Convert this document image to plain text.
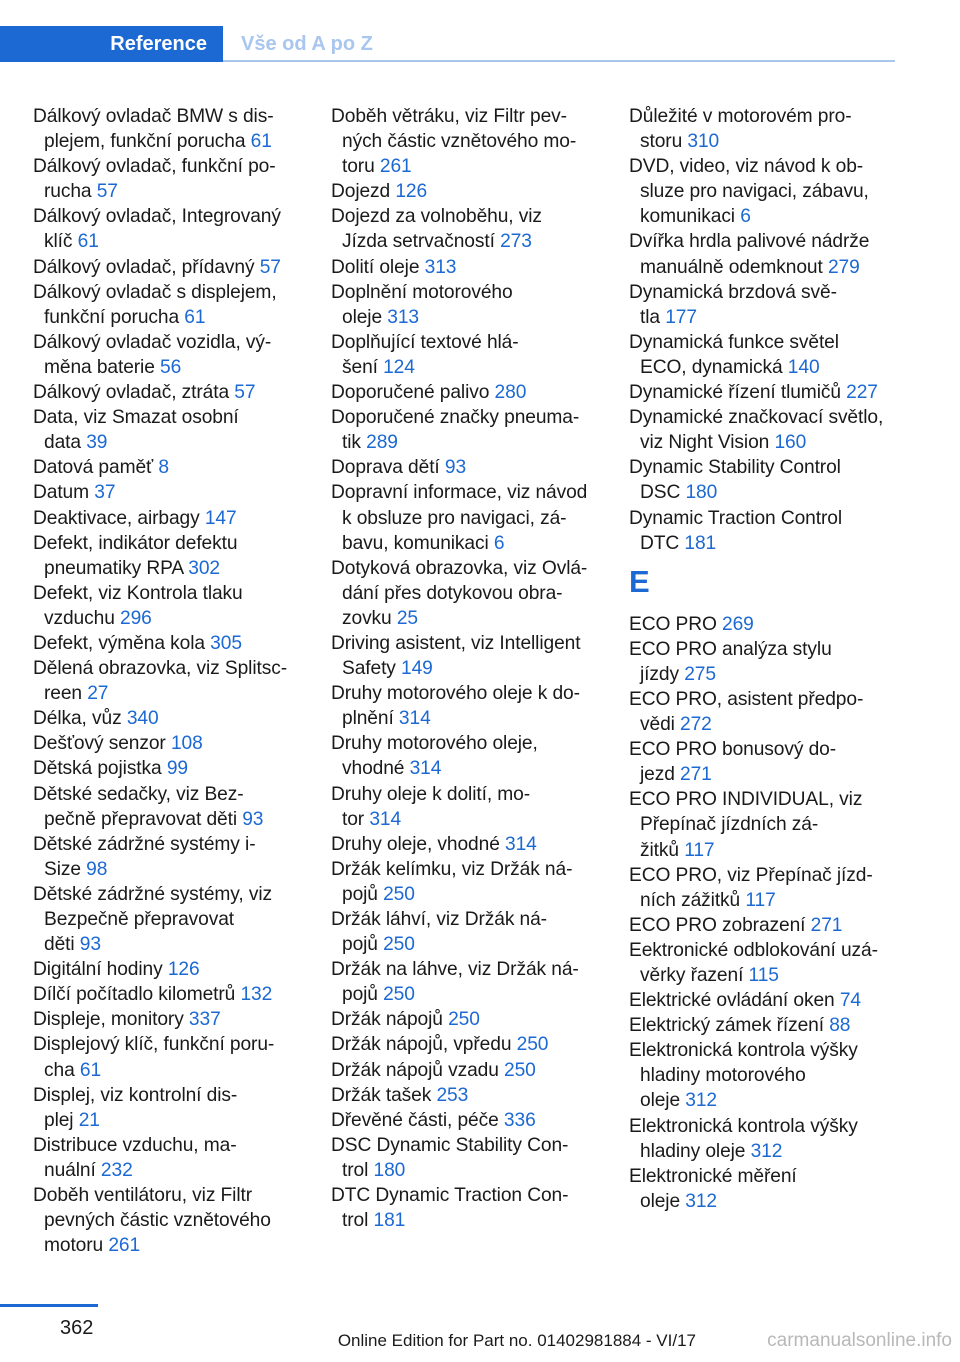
Reference	Vše od A po Z
Dálkový ovladač BMW s dis-
plejem, funkční porucha 61
Dálkový ovladač, funkční po-
rucha 57
Dálkový ovladač, Integrovaný
klíč 61
Dálkový ovladač, přídavný 57
Dálkový ovladač s displejem,
funkční porucha 61
Dálkový ovladač vozidla, vý-
měna baterie 56
Dálkový ovladač, ztráta 57
Data, viz Smazat osobní
data 39
Datová paměť 8
Datum 37
Deaktivace, airbagy 147
Defekt, indikátor defektu
pneumatiky RPA 302
Defekt, viz Kontrola tlaku
vzduchu 296
Defekt, výměna kola 305
Dělená obrazovka, viz Splitsc-
reen 27
Délka, vůz 340
Dešťový senzor 108
Dětská pojistka 99
Dětské sedačky, viz Bez-
pečně přepravovat děti 93
Dětské zádržné systémy i-
Size 98
Dětské zádržné systémy, viz
Bezpečně přepravovat
děti 93
Digitální hodiny 126
Dílčí počítadlo kilometrů 132
Displeje, monitory 337
Displejový klíč, funkční poru-
cha 61
Displej, viz kontrolní dis-
plej 21
Distribuce vzduchu, ma-
nuální 232
Doběh ventilátoru, viz Filtr
pevných částic vznětového
motoru 261
Doběh větráku, viz Filtr pev-
ných částic vznětového mo-
toru 261
Dojezd 126
Dojezd za volnoběhu, viz
Jízda setrvačností 273
Dolití oleje 313
Doplnění motorového
oleje 313
Doplňující textové hlá-
šení 124
Doporučené palivo 280
Doporučené značky pneuma-
tik 289
Doprava dětí 93
Dopravní informace, viz návod
k obsluze pro navigaci, zá-
bavu, komunikaci 6
Dotyková obrazovka, viz Ovlá-
dání přes dotykovou obra-
zovku 25
Driving asistent, viz Intelligent
Safety 149
Druhy motorového oleje k do-
plnění 314
Druhy motorového oleje,
vhodné 314
Druhy oleje k dolití, mo-
tor 314
Druhy oleje, vhodné 314
Držák kelímku, viz Držák ná-
pojů 250
Držák láhví, viz Držák ná-
pojů 250
Držák na láhve, viz Držák ná-
pojů 250
Držák nápojů 250
Držák nápojů, vpředu 250
Držák nápojů vzadu 250
Držák tašek 253
Dřevěné části, péče 336
DSC Dynamic Stability Con-
trol 180
DTC Dynamic Traction Con-
trol 181
Důležité v motorovém pro-
storu 310
DVD, video, viz návod k ob-
sluze pro navigaci, zábavu,
komunikaci 6
Dvířka hrdla palivové nádrže
manuálně odemknout 279
Dynamická brzdová svě-
tla 177
Dynamická funkce světel
ECO, dynamická 140
Dynamické řízení tlumičů 227
Dynamické značkovací světlo,
viz Night Vision 160
Dynamic Stability Control
DSC 180
Dynamic Traction Control
DTC 181
E
ECO PRO 269
ECO PRO analýza stylu
jízdy 275
ECO PRO, asistent předpo-
vědi 272
ECO PRO bonusový do-
jezd 271
ECO PRO INDIVIDUAL, viz
Přepínač jízdních zá-
žitků 117
ECO PRO, viz Přepínač jízd-
ních zážitků 117
ECO PRO zobrazení 271
Eektronické odblokování uzá-
věrky řazení 115
Elektrické ovládání oken 74
Elektrický zámek řízení 88
Elektronická kontrola výšky
hladiny motorového
oleje 312
Elektronická kontrola výšky
hladiny oleje 312
Elektronické měření
oleje 312
362
Online Edition for Part no. 01402981884 - VI/17	carmanualsonline.info
